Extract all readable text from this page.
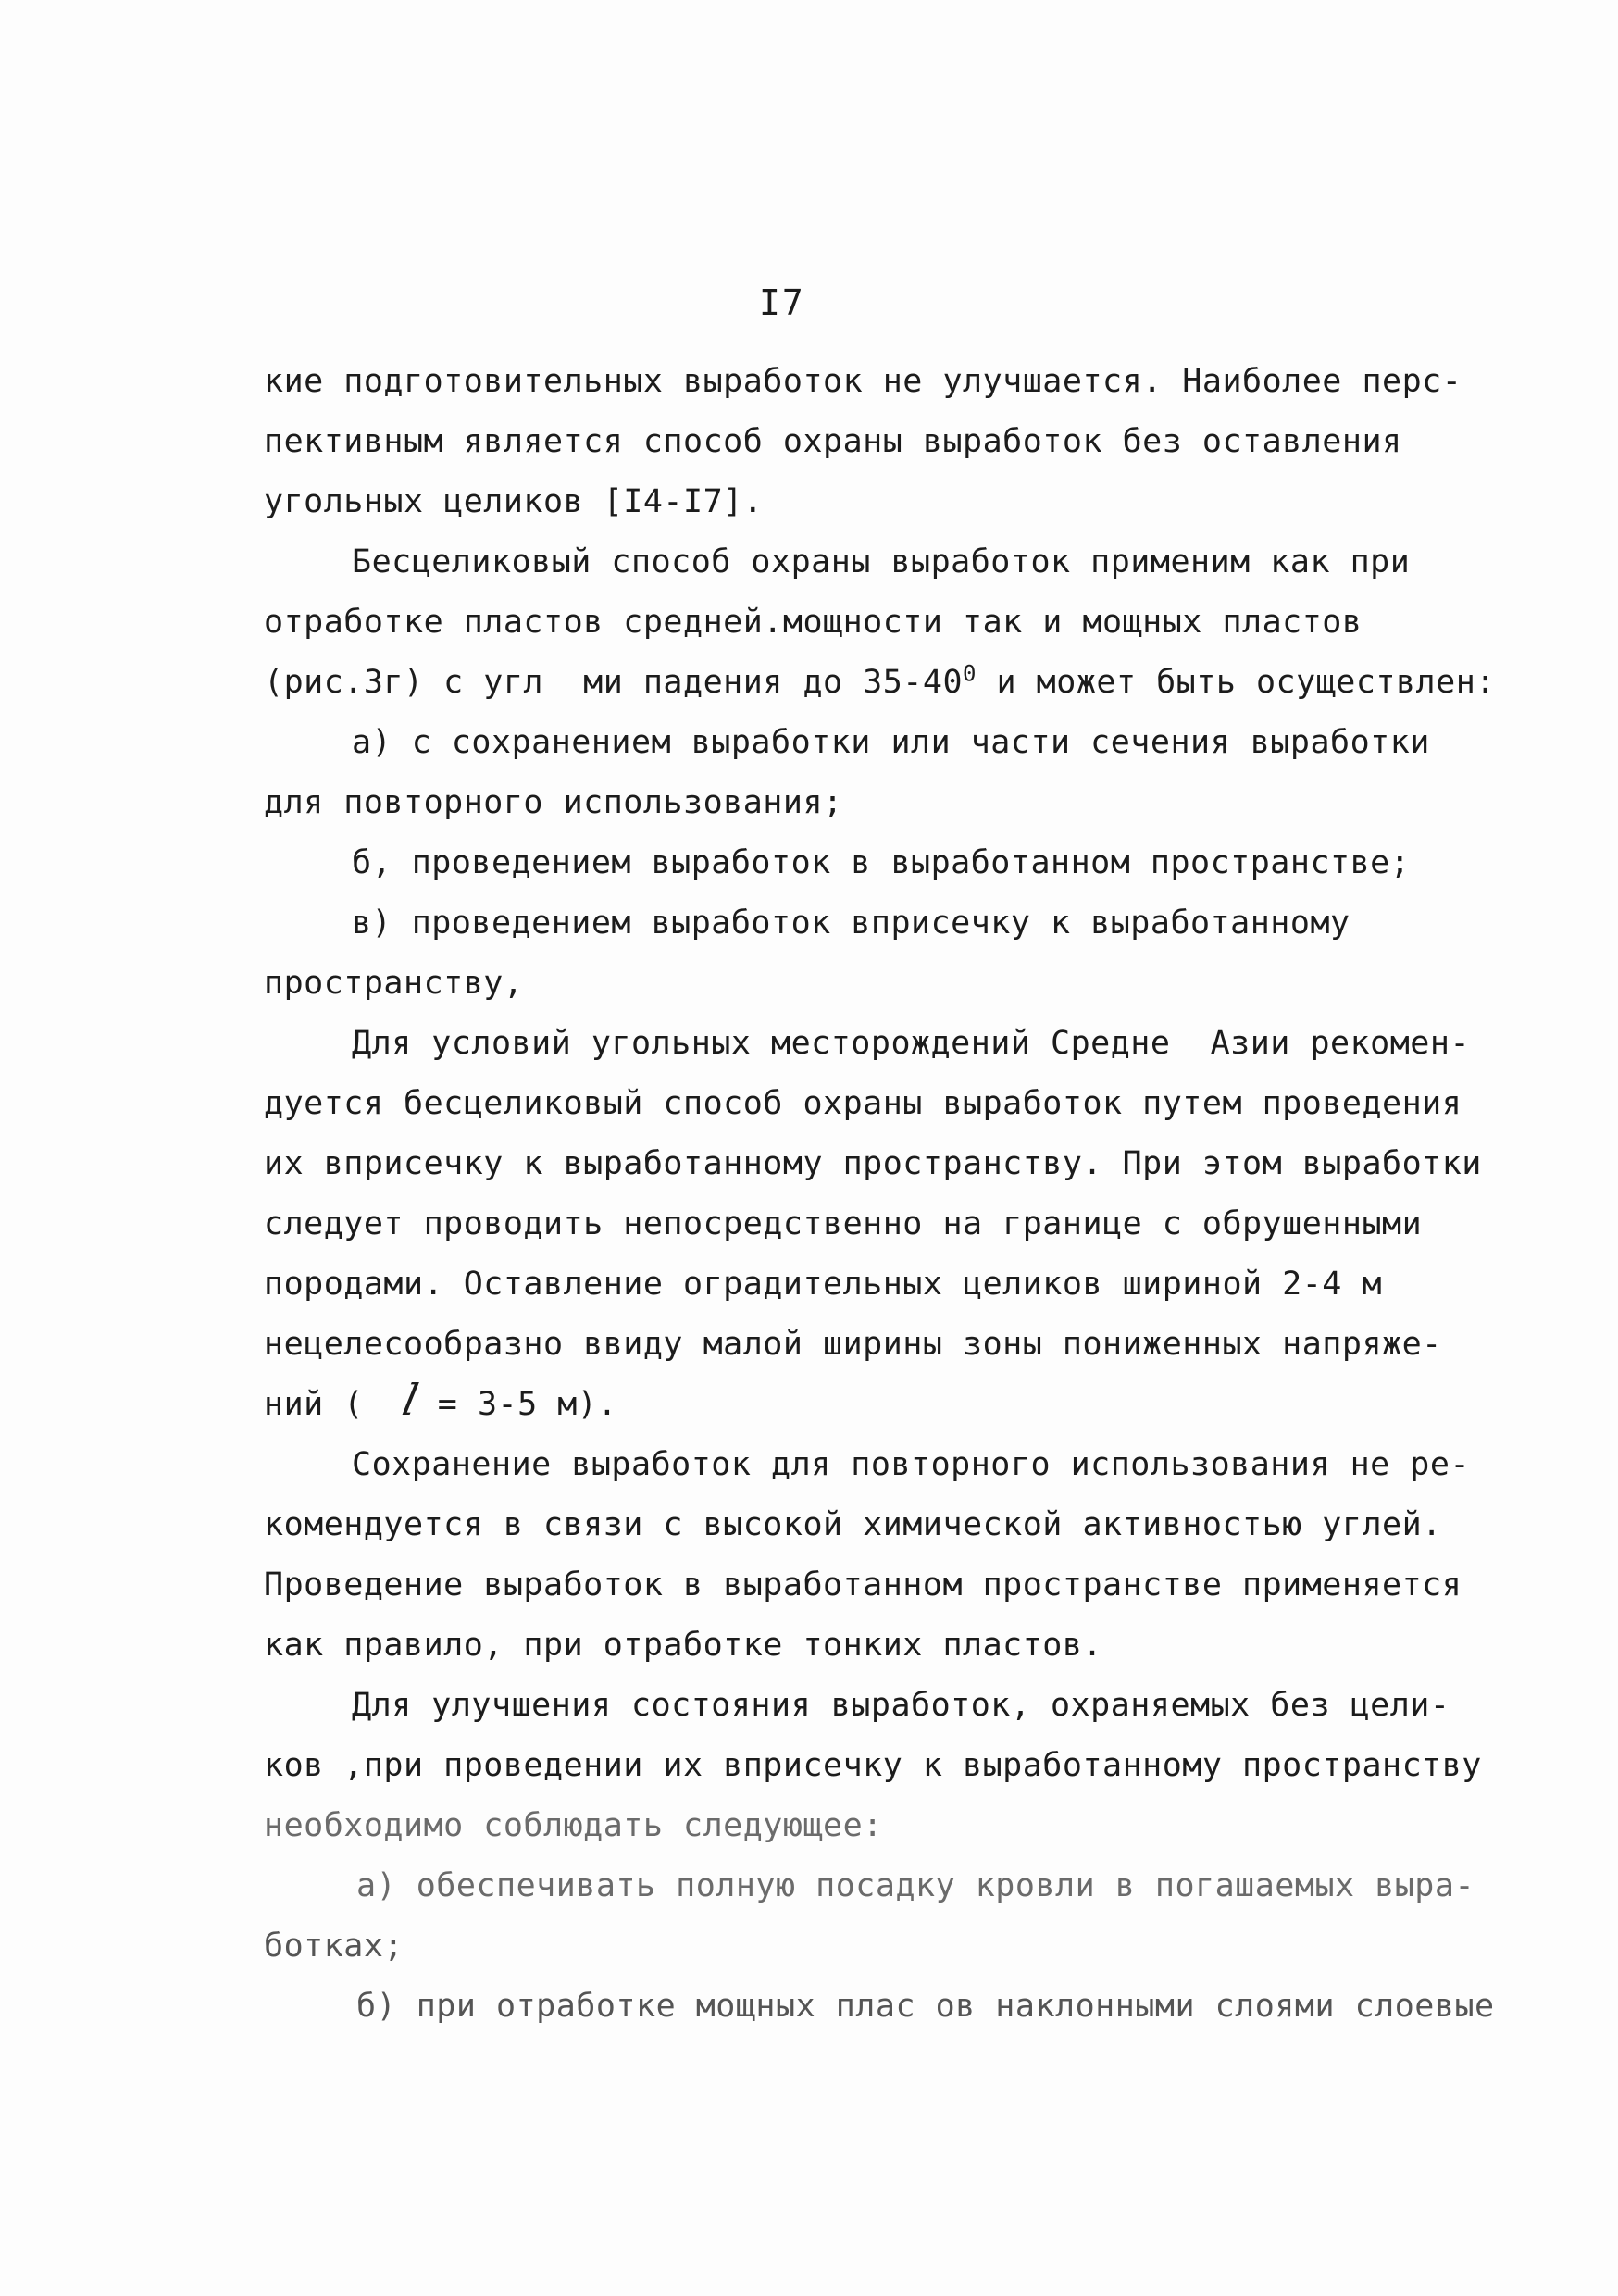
I7
кие подготовительных выработок не улучшается. Наиболее перс-
пективным является способ охраны выработок без оставления
угольных целиков [I4-I7].
Бесцеликовый способ охраны выработок применим как при
отработке пластов средней.мощности так и мощных пластов
(рис.3г) с угл  ми падения до $35-40^0$ и может быть осуществлен:
а) с сохранением выработки или части сечения выработки
для повторного использования;
б, проведением выработок в выработанном пространстве;
в) проведением выработок вприсечку к выработанному
пространству,
Для условий угольных месторождений Средне  Азии рекомен-
дуется бесцеликовый способ охраны выработок путем проведения
их вприсечку к выработанному пространству. При этом выработки
следует проводить непосредственно на границе с обрушенными
породами. Оставление оградительных целиков шириной 2-4 м
нецелесообразно ввиду малой ширины зоны пониженных напряже-
ний (  l = 3-5 м).
Сохранение выработок для повторного использования не ре-
комендуется в связи с высокой химической активностью углей.
Проведение выработок в выработанном пространстве применяется
как правило, при отработке тонких пластов.
Для улучшения состояния выработок, охраняемых без цели-
ков ,при проведении их вприсечку к выработанному пространству
необходимо соблюдать следующее:
а) обеспечивать полную посадку кровли в погашаемых выра-
ботках;
б) при отработке мощных плас ов наклонными слоями слоевые
